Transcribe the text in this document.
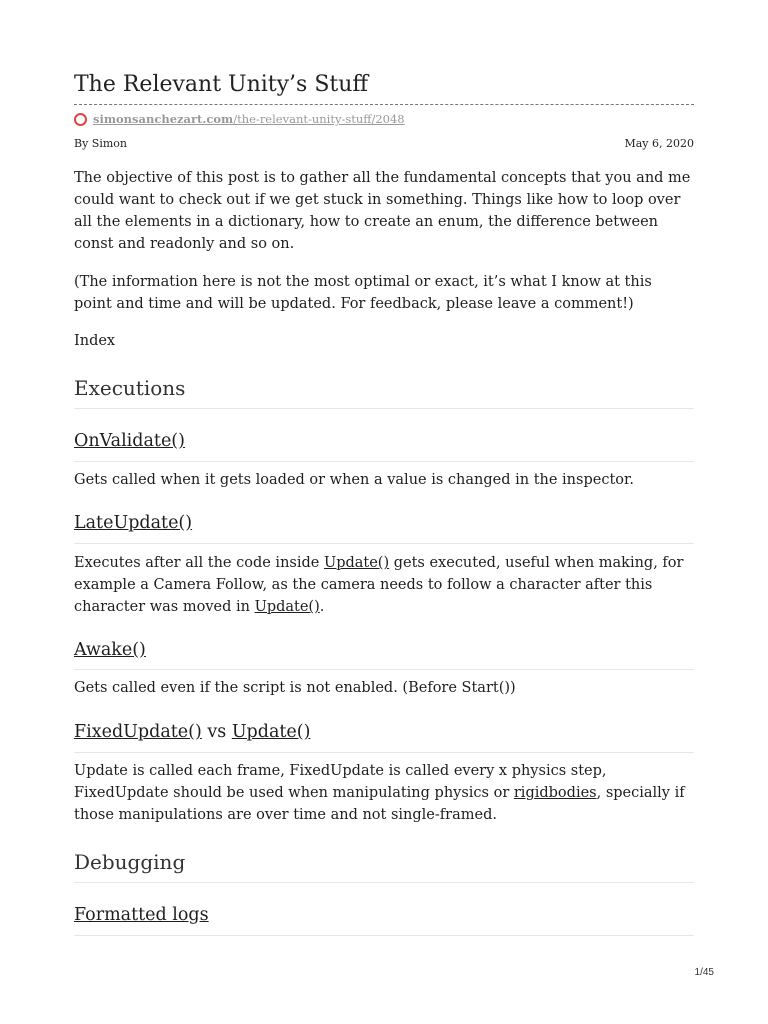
The Relevant Unity’s Stuff
simonsanchezart.com /the-relevant-unity-stuff/2048
By Simon	May 6, 2020

The objective of this post is to gather all the fundamental concepts that you and me could want to check out if we get stuck in something. Things like how to loop over all the elements in a dictionary, how to create an enum, the difference between const and readonly and so on.

(The information here is not the most optimal or exact, it’s what I know at this point and time and will be updated. For feedback, please leave a comment!)

Index

Executions
OnValidate()

Gets called when it gets loaded or when a value is changed in the inspector.

LateUpdate()

Executes after all the code inside Update() gets executed, useful when making, for example a Camera Follow, as the camera needs to follow a character after this character was moved in Update().

Awake()

Gets called even if the script is not enabled. (Before Start())

FixedUpdate() vs Update()

Update is called each frame, FixedUpdate is called every x physics step, FixedUpdate should be used when manipulating physics or rigidbodies, specially if those manipulations are over time and not single-framed.

Debugging
Formatted logs
1/45
